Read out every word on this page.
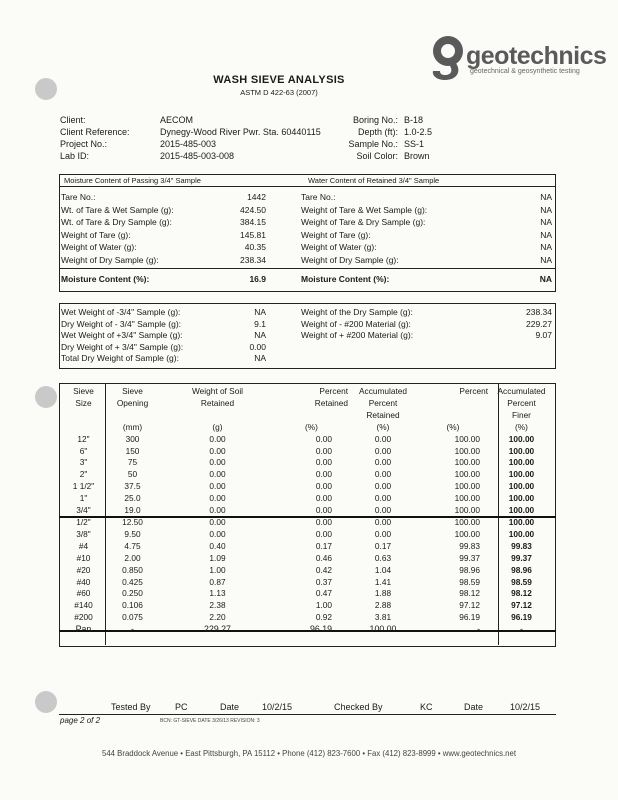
geotechnics
geotechnical & geosynthetic testing
WASH SIEVE ANALYSIS
ASTM D 422-63 (2007)
Client:	AECOM
Client Reference:	Dynegy-Wood River Pwr. Sta. 60440115
Project No.:	2015-485-003
Lab ID:	2015-485-003-008
Boring No.: B-18
Depth (ft): 1.0-2.5
Sample No.: SS-1
Soil Color: Brown
Moisture Content of Passing 3/4" Sample	Water Content of Retained 3/4" Sample
Tare No.:	1442
Wt. of Tare & Wet Sample (g):	424.50
Wt. of Tare & Dry Sample (g):	384.15
Weight of Tare (g):	145.81
Weight of Water (g):	40.35
Weight of Dry Sample (g):	238.34
Tare No.:	NA
Weight of Tare & Wet Sample (g):	NA
Weight of Tare & Dry Sample (g):	NA
Weight of Tare (g):	NA
Weight of Water (g):	NA
Weight of Dry Sample (g):	NA
Moisture Content (%):	16.9	Moisture Content (%):	NA
Wet Weight of -3/4" Sample (g):	NA
Dry Weight of - 3/4" Sample (g):	9.1
Wet Weight of +3/4" Sample (g):	NA
Dry Weight of + 3/4" Sample (g):	0.00
Total Dry Weight of Sample (g):	NA
Weight of the Dry Sample (g):	238.34
Weight of - #200 Material (g):	229.27
Weight of + #200 Material (g):	9.07
Sieve	Sieve	Weight of Soil	Percent	Accumulated	Percent	Accumulated
Size	Opening	Retained	Retained	Percent		Percent
				Retained		Finer
	(mm)	(g)	(%)	(%)	(%)	(%)
12"	300	0.00	0.00	0.00	100.00	100.00
6"	150	0.00	0.00	0.00	100.00	100.00
3"	75	0.00	0.00	0.00	100.00	100.00
2"	50	0.00	0.00	0.00	100.00	100.00
1 1/2"	37.5	0.00	0.00	0.00	100.00	100.00
1"	25.0	0.00	0.00	0.00	100.00	100.00
3/4"	19.0	0.00	0.00	0.00	100.00	100.00
1/2"	12.50	0.00	0.00	0.00	100.00	100.00
3/8"	9.50	0.00	0.00	0.00	100.00	100.00
#4	4.75	0.40	0.17	0.17	99.83	99.83
#10	2.00	1.09	0.46	0.63	99.37	99.37
#20	0.850	1.00	0.42	1.04	98.96	98.96
#40	0.425	0.87	0.37	1.41	98.59	98.59
#60	0.250	1.13	0.47	1.88	98.12	98.12
#140	0.106	2.38	1.00	2.88	97.12	97.12
#200	0.075	2.20	0.92	3.81	96.19	96.19
Pan	-	229.27	96.19	100.00	-	-
Tested By	PC	Date	10/2/15	Checked By	KC	Date	10/2/15
page 2 of 2	BCN: GT-SIEVE DATE 3/26/13 REVISION: 3
544 Braddock Avenue • East Pittsburgh, PA 15112 • Phone (412) 823-7600 • Fax (412) 823-8999 • www.geotechnics.net
